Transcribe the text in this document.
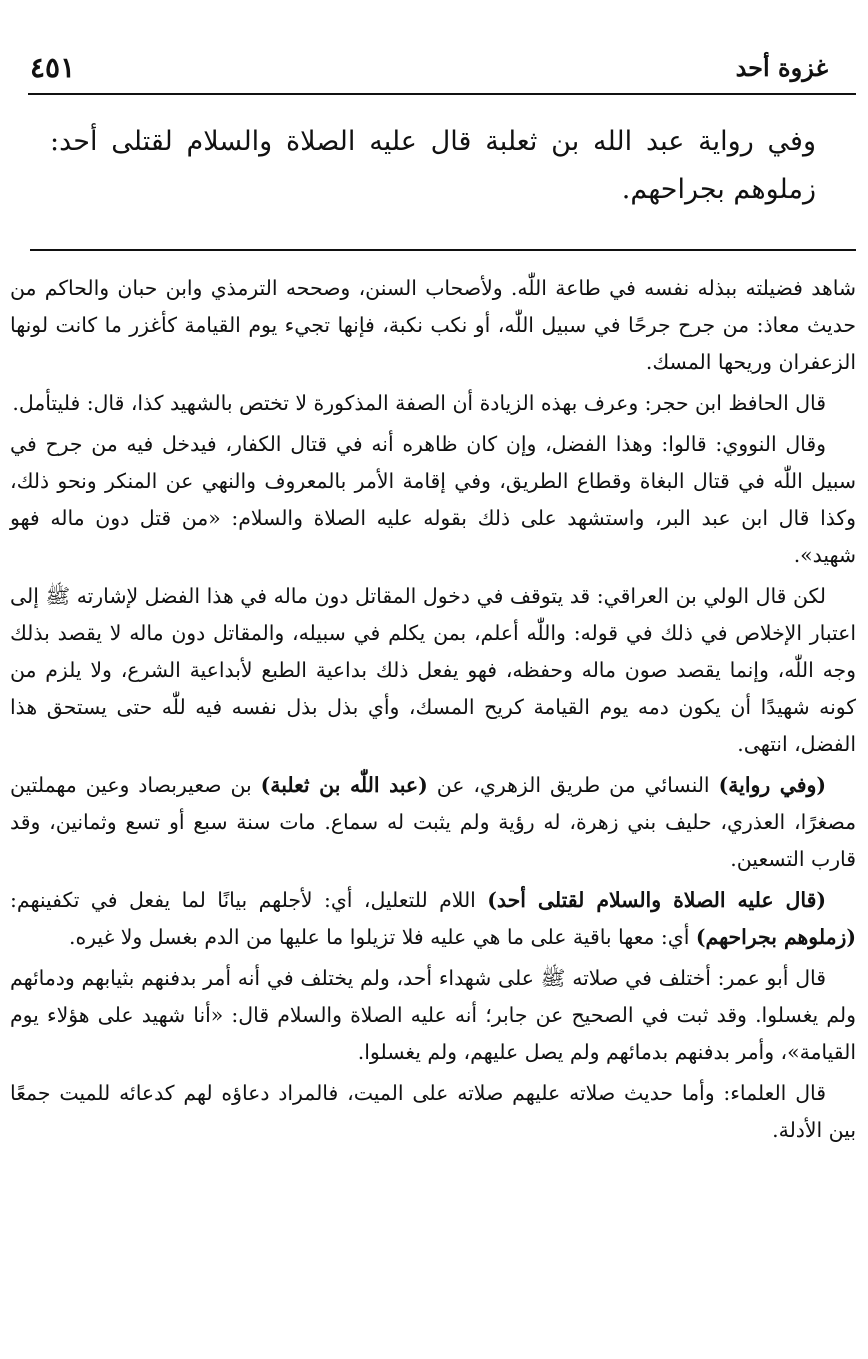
غزوة أحد
٤٥١
وفي رواية عبد الله بن ثعلبة قال عليه الصلاة والسلام لقتلى أحد: زملوهم بجراحهم.

شاهد فضيلته ببذله نفسه في طاعة اللّٰه. ولأصحاب السنن، وصححه الترمذي وابن حبان والحاكم من حديث معاذ: من جرح جرحًا في سبيل اللّٰه، أو نكب نكبة، فإنها تجيء يوم القيامة كأغزر ما كانت لونها الزعفران وريحها المسك.

قال الحافظ ابن حجر: وعرف بهذه الزيادة أن الصفة المذكورة لا تختص بالشهيد كذا، قال: فليتأمل.

وقال النووي: قالوا: وهذا الفضل، وإن كان ظاهره أنه في قتال الكفار، فيدخل فيه من جرح في سبيل اللّٰه في قتال البغاة وقطاع الطريق، وفي إقامة الأمر بالمعروف والنهي عن المنكر ونحو ذلك، وكذا قال ابن عبد البر، واستشهد على ذلك بقوله عليه الصلاة والسلام: «من قتل دون ماله فهو شهيد».

لكن قال الولي بن العراقي: قد يتوقف في دخول المقاتل دون ماله في هذا الفضل لإشارته ﷺ إلى اعتبار الإخلاص في ذلك في قوله: واللّٰه أعلم، بمن يكلم في سبيله، والمقاتل دون ماله لا يقصد بذلك وجه اللّٰه، وإنما يقصد صون ماله وحفظه، فهو يفعل ذلك بداعية الطبع لأبداعية الشرع، ولا يلزم من كونه شهيدًا أن يكون دمه يوم القيامة كريح المسك، وأي بذل بذل نفسه فيه للّٰه حتى يستحق هذا الفضل، انتهى.

(وفي رواية) النسائي من طريق الزهري، عن (عبد اللّٰه بن ثعلبة) بن صعيربصاد وعين مهملتين مصغرًا، العذري، حليف بني زهرة، له رؤية ولم يثبت له سماع. مات سنة سبع أو تسع وثمانين، وقد قارب التسعين.

(قال عليه الصلاة والسلام لقتلى أحد) اللام للتعليل، أي: لأجلهم بيانًا لما يفعل في تكفينهم: (زملوهم بجراحهم) أي: معها باقية على ما هي عليه فلا تزيلوا ما عليها من الدم بغسل ولا غيره.

قال أبو عمر: أختلف في صلاته ﷺ على شهداء أحد، ولم يختلف في أنه أمر بدفنهم بثيابهم ودمائهم ولم يغسلوا. وقد ثبت في الصحيح عن جابر؛ أنه عليه الصلاة والسلام قال: «أنا شهيد على هؤلاء يوم القيامة»، وأمر بدفنهم بدمائهم ولم يصل عليهم، ولم يغسلوا.

قال العلماء: وأما حديث صلاته عليهم صلاته على الميت، فالمراد دعاؤه لهم كدعائه للميت جمعًا بين الأدلة.
